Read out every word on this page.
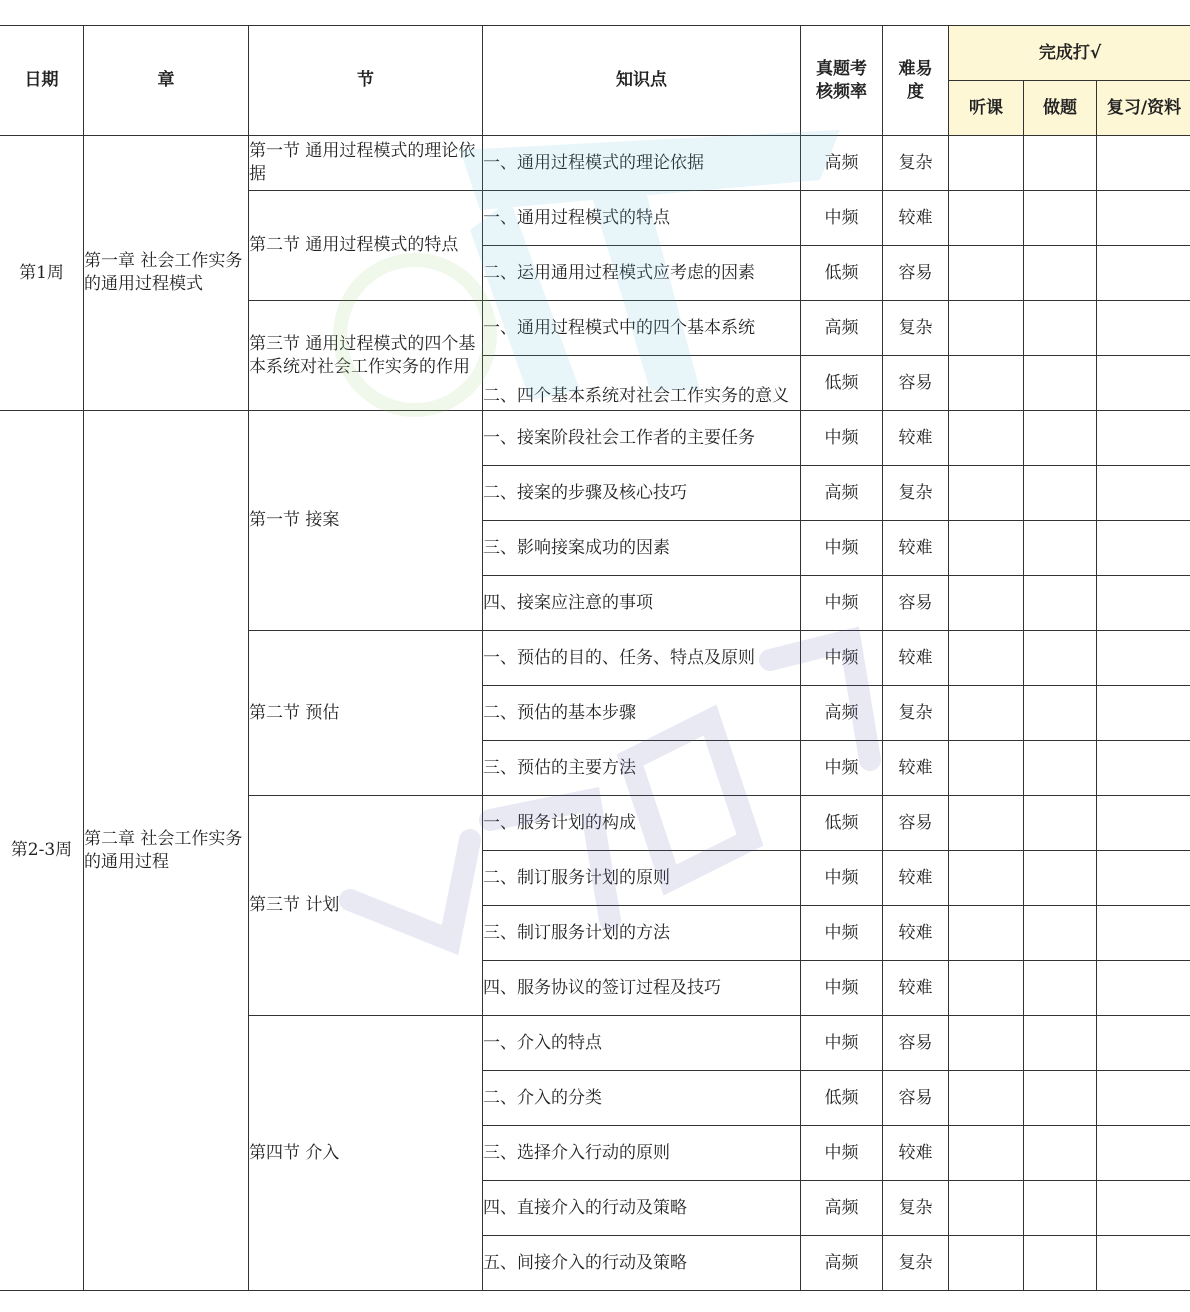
日期	章	节	知识点	真题考核频率	难易度	完成打√		
						听课	做题	复习/资料
第1周	第一章 社会工作实务的通用过程模式	第一节 通用过程模式的理论依据	一、通用过程模式的理论依据	高频	复杂			
		第二节 通用过程模式的特点	一、通用过程模式的特点	中频	较难			
			二、运用通用过程模式应考虑的因素	低频	容易			
		第三节 通用过程模式的四个基本系统对社会工作实务的作用	一、通用过程模式中的四个基本系统	高频	复杂			
			二、四个基本系统对社会工作实务的意义	低频	容易			
第2-3周	第二章 社会工作实务的通用过程	第一节 接案	一、接案阶段社会工作者的主要任务	中频	较难			
			二、接案的步骤及核心技巧	高频	复杂			
			三、影响接案成功的因素	中频	较难			
			四、接案应注意的事项	中频	容易			
		第二节 预估	一、预估的目的、任务、特点及原则	中频	较难			
			二、预估的基本步骤	高频	复杂			
			三、预估的主要方法	中频	较难			
		第三节 计划	一、服务计划的构成	低频	容易			
			二、制订服务计划的原则	中频	较难			
			三、制订服务计划的方法	中频	较难			
			四、服务协议的签订过程及技巧	中频	较难			
		第四节 介入	一、介入的特点	中频	容易			
			二、介入的分类	低频	容易			
			三、选择介入行动的原则	中频	较难			
			四、直接介入的行动及策略	高频	复杂			
			五、间接介入的行动及策略	高频	复杂			
